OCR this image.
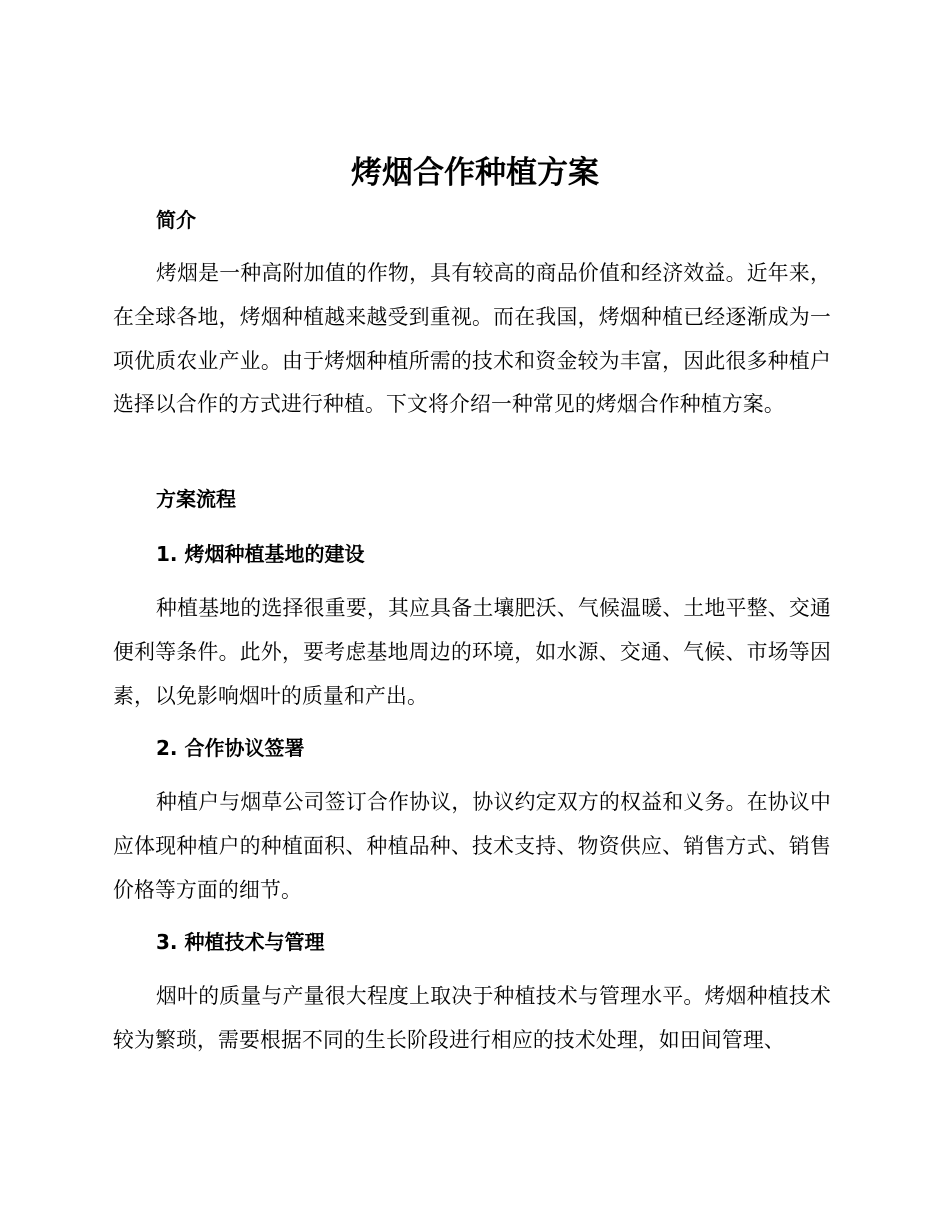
烤烟合作种植方案
简介

烤烟是一种高附加值的作物，具有较高的商品价值和经济效益。近年来，在全球各地，烤烟种植越来越受到重视。而在我国，烤烟种植已经逐渐成为一项优质农业产业。由于烤烟种植所需的技术和资金较为丰富，因此很多种植户选择以合作的方式进行种植。下文将介绍一种常见的烤烟合作种植方案。

方案流程
1. 烤烟种植基地的建设

种植基地的选择很重要，其应具备土壤肥沃、气候温暖、土地平整、交通便利等条件。此外，要考虑基地周边的环境，如水源、交通、气候、市场等因素，以免影响烟叶的质量和产出。

2. 合作协议签署

种植户与烟草公司签订合作协议，协议约定双方的权益和义务。在协议中应体现种植户的种植面积、种植品种、技术支持、物资供应、销售方式、销售价格等方面的细节。

3. 种植技术与管理

烟叶的质量与产量很大程度上取决于种植技术与管理水平。烤烟种植技术较为繁琐，需要根据不同的生长阶段进行相应的技术处理，如田间管理、
